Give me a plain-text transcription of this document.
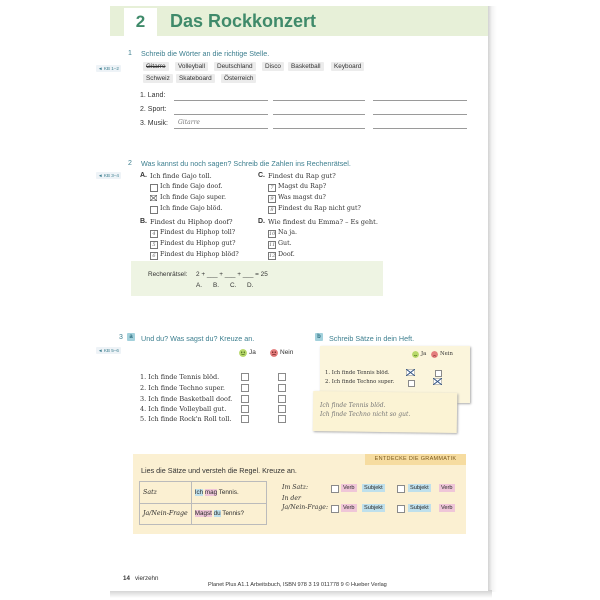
2	Das Rockkonzert
1 Schreib die Wörter an die richtige Stelle.
◄ KB 1–2	Gitarre	Volleyball	Deutschland	Disco	Basketball	Keyboard
Schweiz	Skateboard	Österreich
1. Land:
2. Sport:
3. Musik: Gitarre
2 Was kannst du noch sagen? Schreib die Zahlen ins Rechenrätsel.
◄ KB 3–4	A. Ich finde Gajo toll.
Ich finde Gajo doof.
Ich finde Gajo super.
Ich finde Gajo blöd.
C. Findest du Rap gut?
7 Magst du Rap?
9 Was magst du?
8 Findest du Rap nicht gut?
B. Findest du Hiphop doof?
4 Findest du Hiphop toll?
5 Findest du Hiphop gut?
6 Findest du Hiphop blöd?
D. Wie findest du Emma? – Es geht.
10 Na ja.
11 Gut.
12 Doof.
Rechenrätsel: 2 + ___ + ___ + ___ = 25
A. B. C. D.
3	a	Und du? Was sagst du? Kreuze an.
◄ KB 5–6	Ja	Nein
1. Ich finde Tennis blöd.
2. Ich finde Techno super.
3. Ich finde Basketball doof.
4. Ich finde Volleyball gut.
5. Ich finde Rock'n Roll toll.
b	Schreib Sätze in dein Heft.
Ja	Nein
1. Ich finde Tennis blöd.
2. Ich finde Techno super.
Ich finde Tennis blöd.
Ich finde Techno nicht so gut.
ENTDECKE DIE GRAMMATIK
Lies die Sätze und versteh die Regel. Kreuze an.
Satz	Ich mag Tennis.
Ja/Nein-Frage	Magst du Tennis?
Im Satz:	Verb	Subjekt	Subjekt	Verb
In der
Ja/Nein-Frage:	Verb	Subjekt	Subjekt	Verb
14 vierzehn
Planet Plus A1.1 Arbeitsbuch, ISBN 978 3 19 011778 9 © Hueber Verlag
